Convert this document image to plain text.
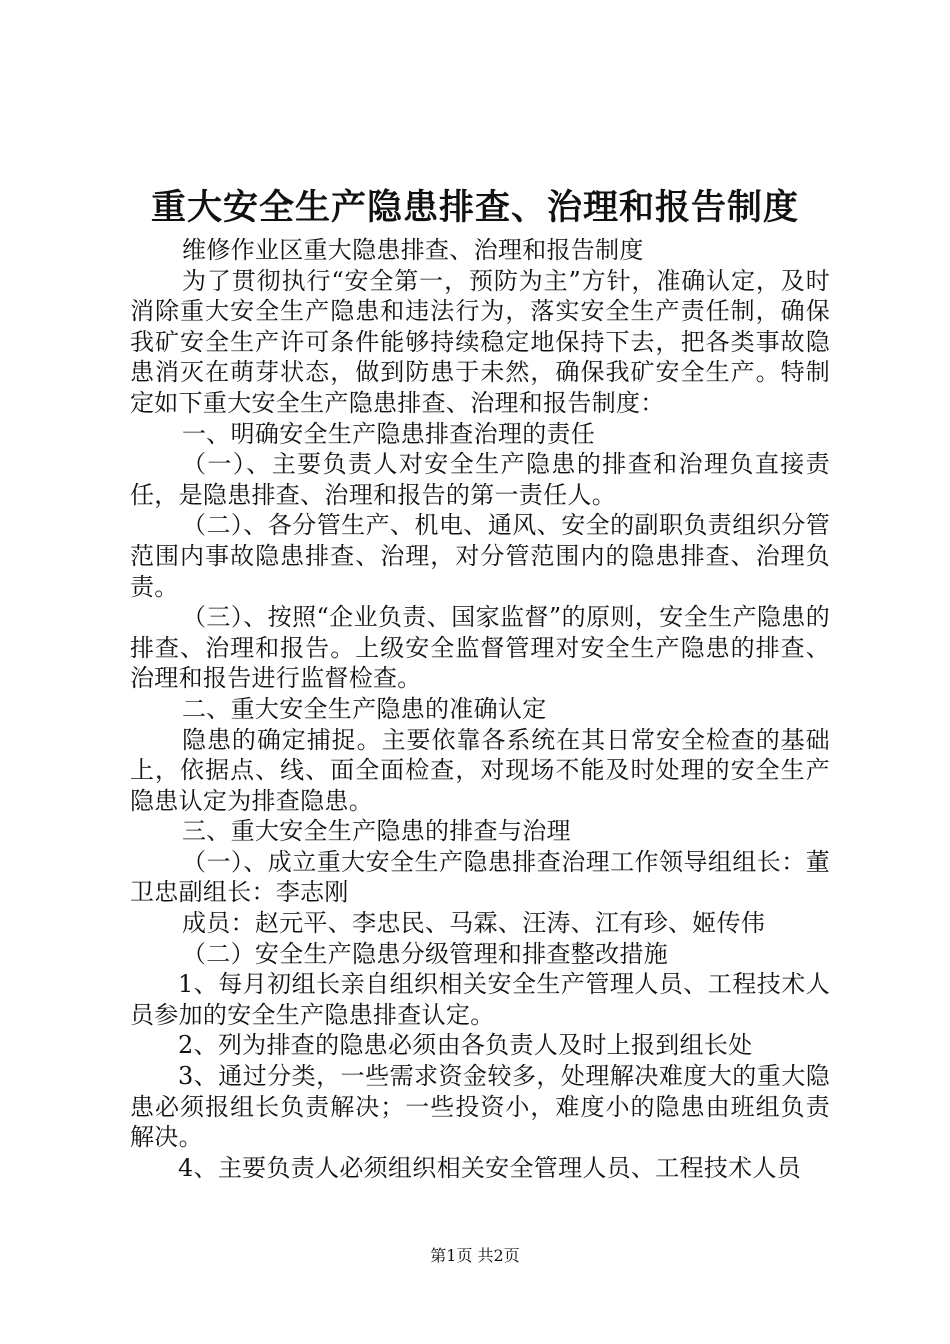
重大安全生产隐患排查、治理和报告制度

维修作业区重大隐患排查、治理和报告制度

为了贯彻执行“安全第一，预防为主”方针，准确认定，及时消除重大安全生产隐患和违法行为，落实安全生产责任制，确保我矿安全生产许可条件能够持续稳定地保持下去，把各类事故隐患消灭在萌芽状态，做到防患于未然，确保我矿安全生产。特制定如下重大安全生产隐患排查、治理和报告制度：

一、明确安全生产隐患排查治理的责任

（一）、主要负责人对安全生产隐患的排查和治理负直接责任，是隐患排查、治理和报告的第一责任人。

（二）、各分管生产、机电、通风、安全的副职负责组织分管范围内事故隐患排查、治理，对分管范围内的隐患排查、治理负责。

（三）、按照“企业负责、国家监督”的原则，安全生产隐患的排查、治理和报告。上级安全监督管理对安全生产隐患的排查、治理和报告进行监督检查。

二、重大安全生产隐患的准确认定

隐患的确定捕捉。主要依靠各系统在其日常安全检查的基础上，依据点、线、面全面检查，对现场不能及时处理的安全生产隐患认定为排查隐患。

三、重大安全生产隐患的排查与治理

（一）、成立重大安全生产隐患排查治理工作领导组组长：董卫忠副组长：李志刚

成员：赵元平、李忠民、马霖、汪涛、江有珍、姬传伟

（二）安全生产隐患分级管理和排查整改措施

1、每月初组长亲自组织相关安全生产管理人员、工程技术人员参加的安全生产隐患排查认定。

2、列为排查的隐患必须由各负责人及时上报到组长处

3、通过分类，一些需求资金较多，处理解决难度大的重大隐患必须报组长负责解决；一些投资小，难度小的隐患由班组负责解决。

4、主要负责人必须组织相关安全管理人员、工程技术人员

第1页 共2页
